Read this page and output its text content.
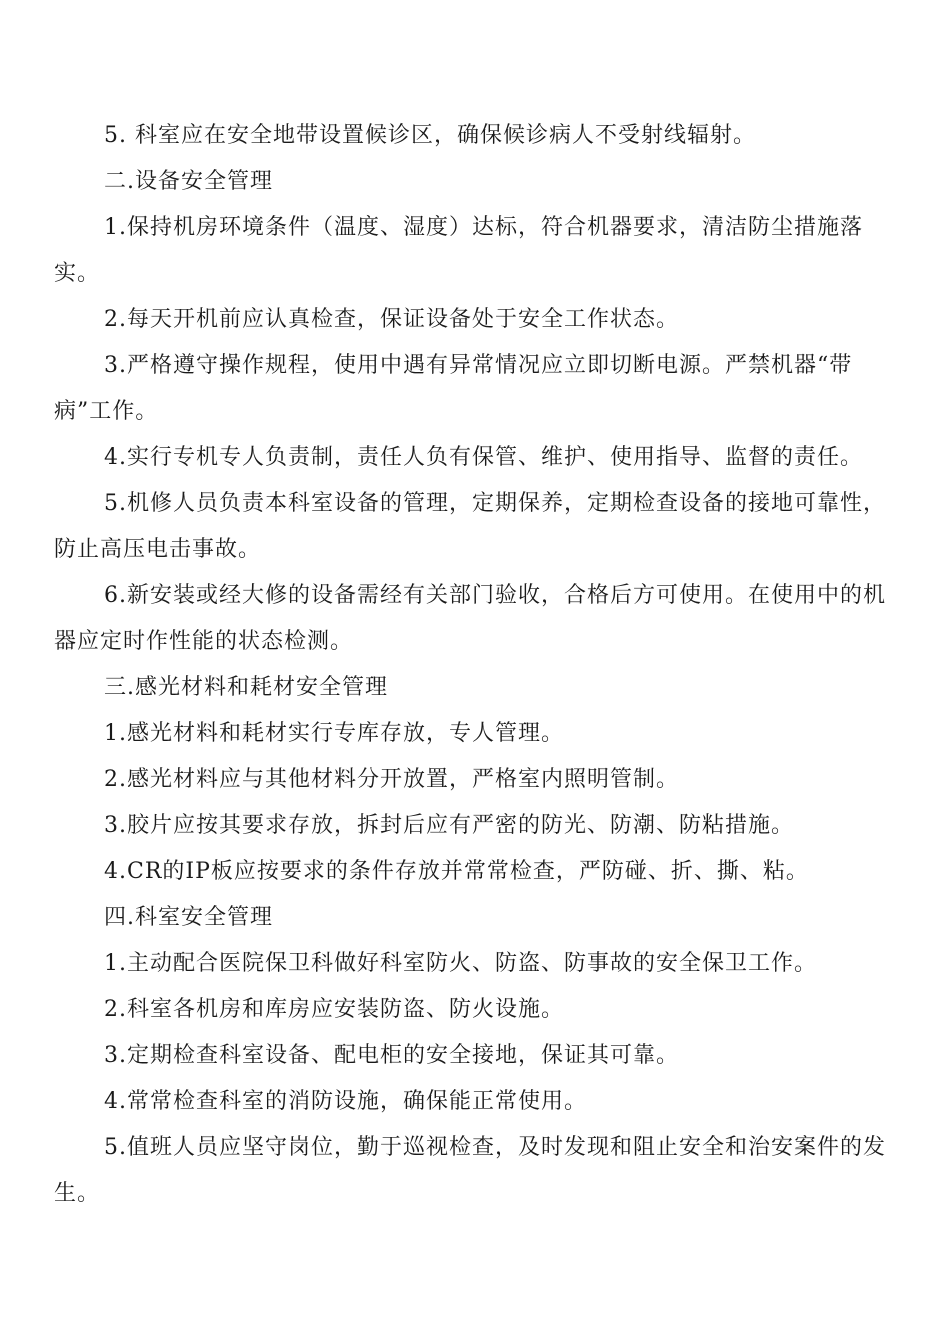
5. 科室应在安全地带设置候诊区，确保候诊病人不受射线辐射。

二.设备安全管理

1.保持机房环境条件（温度、湿度）达标，符合机器要求，清洁防尘措施落实。

2.每天开机前应认真检查，保证设备处于安全工作状态。

3.严格遵守操作规程，使用中遇有异常情况应立即切断电源。严禁机器“带病”工作。

4.实行专机专人负责制，责任人负有保管、维护、使用指导、监督的责任。

5.机修人员负责本科室设备的管理，定期保养，定期检查设备的接地可靠性，防止高压电击事故。

6.新安装或经大修的设备需经有关部门验收，合格后方可使用。在使用中的机器应定时作性能的状态检测。

三.感光材料和耗材安全管理

1.感光材料和耗材实行专库存放，专人管理。

2.感光材料应与其他材料分开放置，严格室内照明管制。

3.胶片应按其要求存放，拆封后应有严密的防光、防潮、防粘措施。

4.CR的IP板应按要求的条件存放并常常检查，严防碰、折、撕、粘。

四.科室安全管理

1.主动配合医院保卫科做好科室防火、防盗、防事故的安全保卫工作。

2.科室各机房和库房应安装防盗、防火设施。

3.定期检查科室设备、配电柜的安全接地，保证其可靠。

4.常常检查科室的消防设施，确保能正常使用。

5.值班人员应坚守岗位，勤于巡视检查，及时发现和阻止安全和治安案件的发生。
